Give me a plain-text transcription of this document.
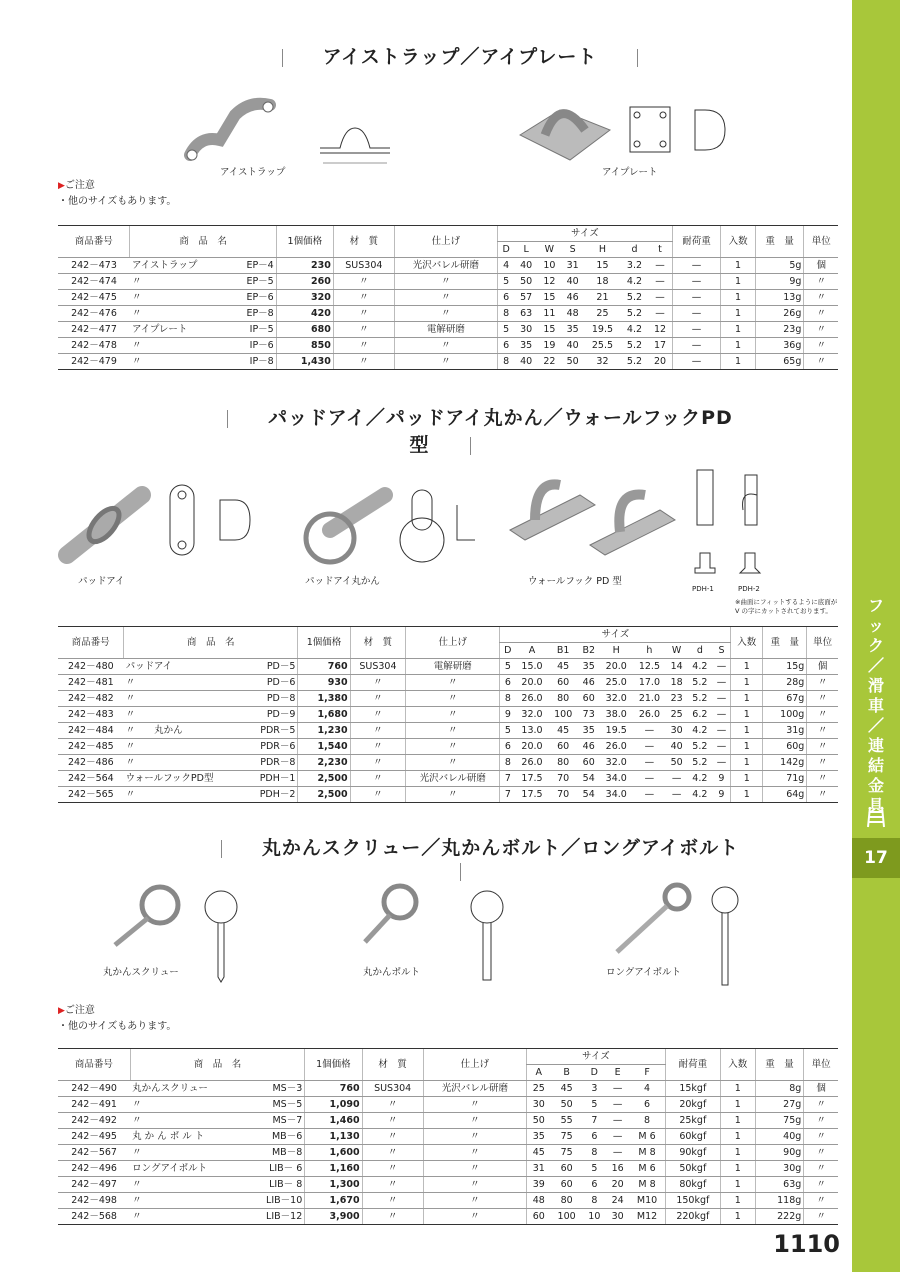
フ
ッ
ク
／
滑
車
／
連
結
金
具
17
アイストラップ／アイプレート
アイストラップ	アイプレート
▶ご注意
・他のサイズもあります。
商品番号	商　品　名		1個価格	材　質	仕上げ	サイズ							耐荷重	入数	重　量	単位
						D	L	W	S	H	d	t				
242－473	アイストラップ	EP－4	230	SUS304	光沢バレル研磨	4	40	10	31	15	3.2	—	—	1	5g	個
242－474	〃	EP－5	260	〃	〃	5	50	12	40	18	4.2	—	—	1	9g	〃
242－475	〃	EP－6	320	〃	〃	6	57	15	46	21	5.2	—	—	1	13g	〃
242－476	〃	EP－8	420	〃	〃	8	63	11	48	25	5.2	—	—	1	26g	〃
242－477	アイプレート	IP－5	680	〃	電解研磨	5	30	15	35	19.5	4.2	12	—	1	23g	〃
242－478	〃	IP－6	850	〃	〃	6	35	19	40	25.5	5.2	17	—	1	36g	〃
242－479	〃	IP－8	1,430	〃	〃	8	40	22	50	32	5.2	20	—	1	65g	〃
パッドアイ／パッドアイ丸かん／ウォールフックPD型
パッドアイ	パッドアイ丸かん	ウォールフック PD 型
PDH-1	PDH-2
※曲面にフィットするように底面が
V の字にカットされております。
商品番号	商　品　名		1個価格	材　質	仕上げ	サイズ									入数	重　量	単位
						D	A	B1	B2	H	h	W	d	S			
242－480	パッドアイ	PD－5	760	SUS304	電解研磨	5	15.0	45	35	20.0	12.5	14	4.2	—	1	15g	個
242－481	〃	PD－6	930	〃	〃	6	20.0	60	46	25.0	17.0	18	5.2	—	1	28g	〃
242－482	〃	PD－8	1,380	〃	〃	8	26.0	80	60	32.0	21.0	23	5.2	—	1	67g	〃
242－483	〃	PD－9	1,680	〃	〃	9	32.0	100	73	38.0	26.0	25	6.2	—	1	100g	〃
242－484	〃　　丸かん	PDR－5	1,230	〃	〃	5	13.0	45	35	19.5	—	30	4.2	—	1	31g	〃
242－485	〃	PDR－6	1,540	〃	〃	6	20.0	60	46	26.0	—	40	5.2	—	1	60g	〃
242－486	〃	PDR－8	2,230	〃	〃	8	26.0	80	60	32.0	—	50	5.2	—	1	142g	〃
242－564	ウォールフックPD型	PDH－1	2,500	〃	光沢バレル研磨	7	17.5	70	54	34.0	—	—	4.2	9	1	71g	〃
242－565	〃	PDH－2	2,500	〃	〃	7	17.5	70	54	34.0	—	—	4.2	9	1	64g	〃
丸かんスクリュー／丸かんボルト／ロングアイボルト
丸かんスクリュー	丸かんボルト	ロングアイボルト
▶ご注意
・他のサイズもあります。
商品番号	商　品　名		1個価格	材　質	仕上げ	サイズ					耐荷重	入数	重　量	単位
						A	B	D	E	F				
242－490	丸かんスクリュー	MS－3	760	SUS304	光沢バレル研磨	25	45	3	—	4	15kgf	1	8g	個
242－491	〃	MS－5	1,090	〃	〃	30	50	5	—	6	20kgf	1	27g	〃
242－492	〃	MS－7	1,460	〃	〃	50	55	7	—	8	25kgf	1	75g	〃
242－495	丸 か ん ボ ル ト	MB－6	1,130	〃	〃	35	75	6	—	M 6	60kgf	1	40g	〃
242－567	〃	MB－8	1,600	〃	〃	45	75	8	—	M 8	90kgf	1	90g	〃
242－496	ロングアイボルト	LIB－ 6	1,160	〃	〃	31	60	5	16	M 6	50kgf	1	30g	〃
242－497	〃	LIB－ 8	1,300	〃	〃	39	60	6	20	M 8	80kgf	1	63g	〃
242－498	〃	LIB－10	1,670	〃	〃	48	80	8	24	M10	150kgf	1	118g	〃
242－568	〃	LIB－12	3,900	〃	〃	60	100	10	30	M12	220kgf	1	222g	〃
1110
